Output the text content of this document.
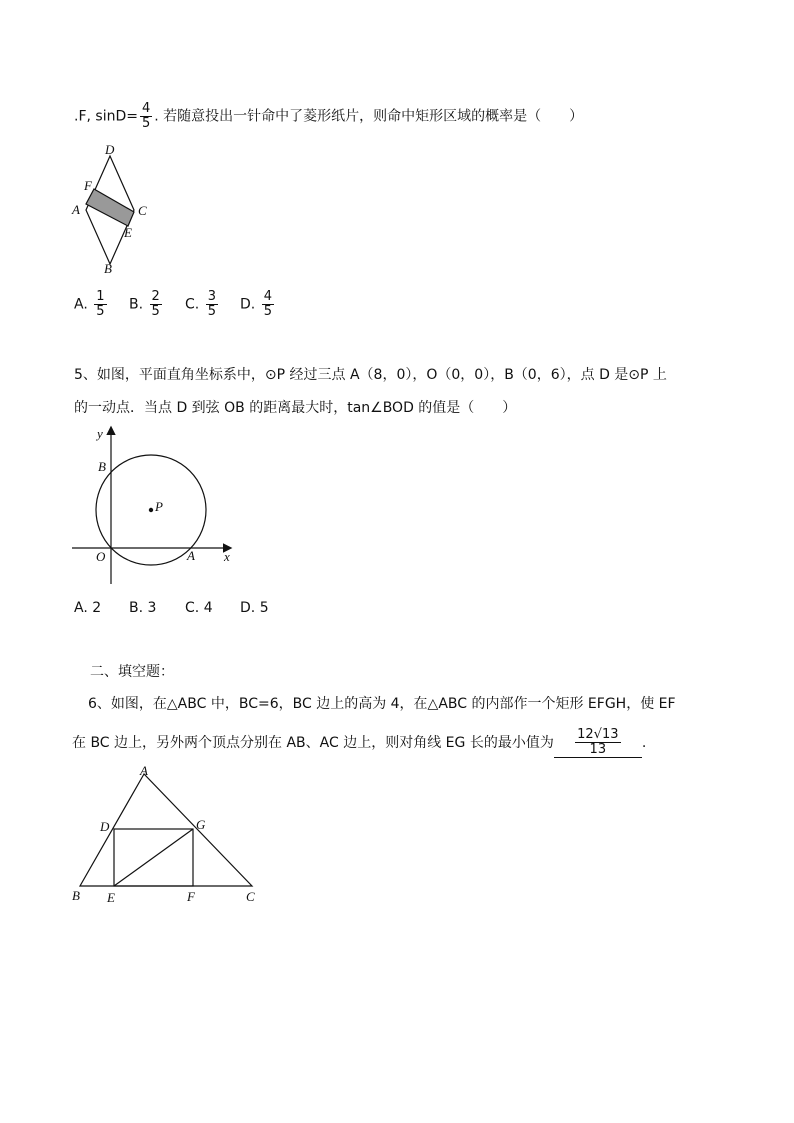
.F, $\sin D= \frac{4}{5}$ . 若随意投出一针命中了菱形纸片，则命中矩形区域的概率是（　　）
D
F
A	C
E
B
A. $\frac{1}{5} B$. $\frac{2}{5} C$. $\frac{3}{5} D$. $\frac{4}{5}$
5、如图，平面直角坐标系中，⊙P 经过三点 A（8，0），O（0，0），B（0，6），点 D 是⊙P 上
的一动点．当点 D 到弦 OB 的距离最大时，tan∠BOD 的值是（　　）
y
B
P
O	A x
A. 2 B. 3 C. 4 D. 5
二、填空题：
6、如图，在△ABC 中，BC=6，BC 边上的高为 4，在△ABC 的内部作一个矩形 EFGH，使 EF
在 BC 边上，另外两个顶点分别在 AB、AC 边上，则对角线 EG 长的最小值为 $\frac{12√13}{13}$ .
A
D	G
B E	F	C
